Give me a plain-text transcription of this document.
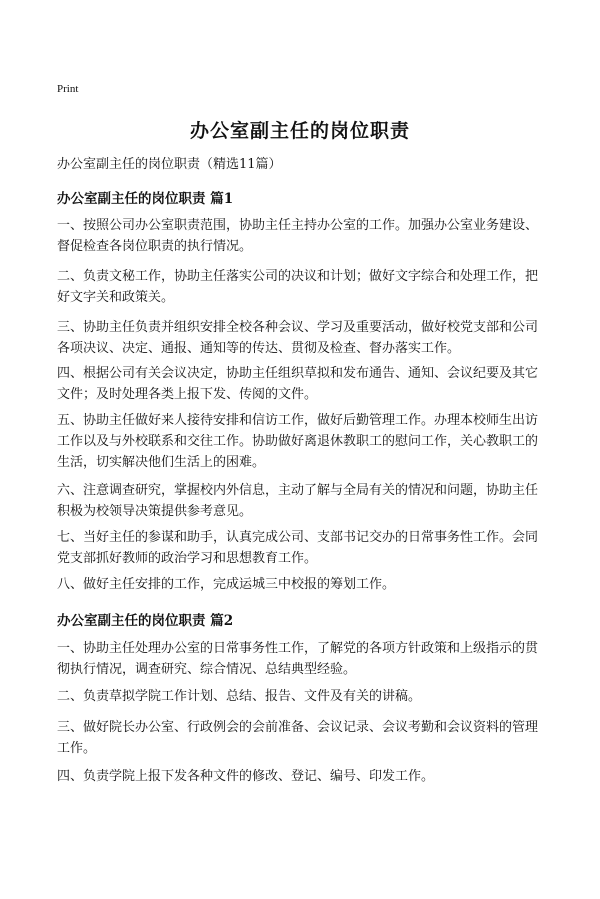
Print
办公室副主任的岗位职责
办公室副主任的岗位职责（精选11篇）
办公室副主任的岗位职责 篇1
一、按照公司办公室职责范围，协助主任主持办公室的工作。加强办公室业务建设、督促检查各岗位职责的执行情况。
二、负责文秘工作，协助主任落实公司的决议和计划；做好文字综合和处理工作，把好文字关和政策关。
三、协助主任负责并组织安排全校各种会议、学习及重要活动，做好校党支部和公司各项决议、决定、通报、通知等的传达、贯彻及检查、督办落实工作。
四、根据公司有关会议决定，协助主任组织草拟和发布通告、通知、会议纪要及其它文件；及时处理各类上报下发、传阅的文件。
五、协助主任做好来人接待安排和信访工作，做好后勤管理工作。办理本校师生出访工作以及与外校联系和交往工作。协助做好离退休教职工的慰问工作，关心教职工的生活，切实解决他们生活上的困难。
六、注意调查研究，掌握校内外信息，主动了解与全局有关的情况和问题，协助主任积极为校领导决策提供参考意见。
七、当好主任的参谋和助手，认真完成公司、支部书记交办的日常事务性工作。会同党支部抓好教师的政治学习和思想教育工作。
八、做好主任安排的工作，完成运城三中校报的筹划工作。
办公室副主任的岗位职责 篇2
一、协助主任处理办公室的日常事务性工作，了解党的各项方针政策和上级指示的贯彻执行情况，调查研究、综合情况、总结典型经验。
二、负责草拟学院工作计划、总结、报告、文件及有关的讲稿。
三、做好院长办公室、行政例会的会前准备、会议记录、会议考勤和会议资料的管理工作。
四、负责学院上报下发各种文件的修改、登记、编号、印发工作。
